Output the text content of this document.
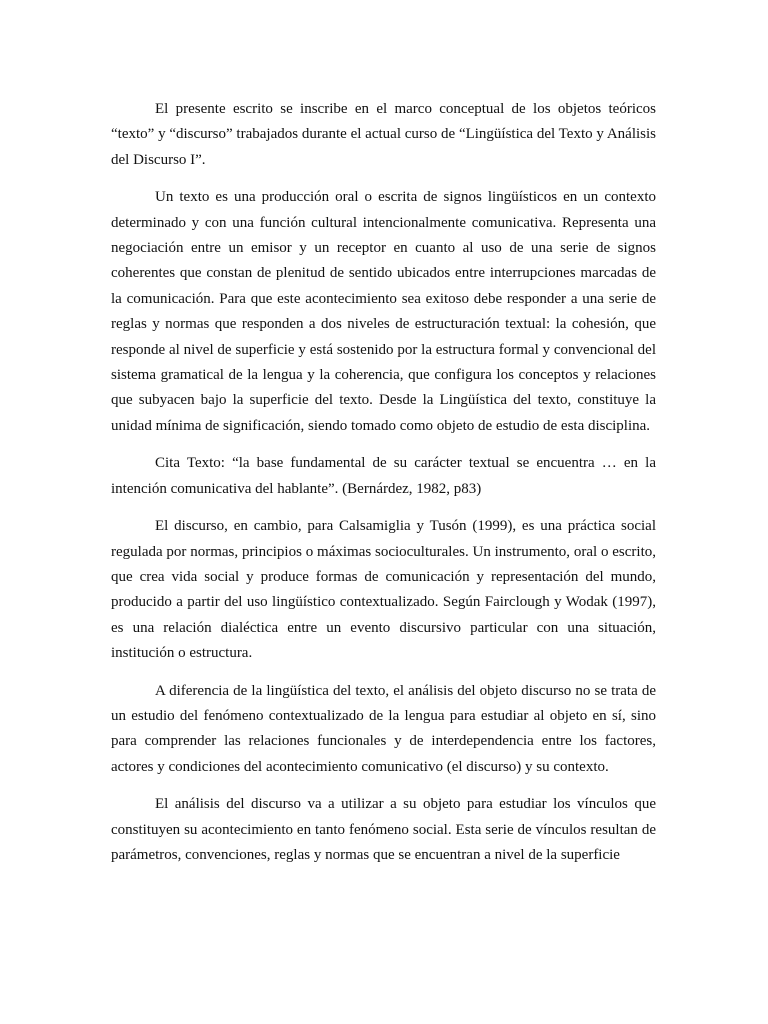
El presente escrito se inscribe en el marco conceptual de los objetos teóricos “texto” y “discurso” trabajados durante el actual curso de “Lingüística del Texto y Análisis del Discurso I”.

Un texto es una producción oral o escrita de signos lingüísticos en un contexto determinado y con una función cultural intencionalmente comunicativa. Representa una negociación entre un emisor y un receptor en cuanto al uso de una serie de signos coherentes que constan de plenitud de sentido ubicados entre interrupciones marcadas de la comunicación. Para que este acontecimiento sea exitoso debe responder a una serie de reglas y normas que responden a dos niveles de estructuración textual: la cohesión, que responde al nivel de superficie y está sostenido por la estructura formal y convencional del sistema gramatical de la lengua y la coherencia, que configura los conceptos y relaciones que subyacen bajo la superficie del texto. Desde la Lingüística del texto, constituye la unidad mínima de significación, siendo tomado como objeto de estudio de esta disciplina.

Cita Texto: “la base fundamental de su carácter textual se encuentra … en la intención comunicativa del hablante”. (Bernárdez, 1982, p83)

El discurso, en cambio, para Calsamiglia y Tusón (1999), es una práctica social regulada por normas, principios o máximas socioculturales. Un instrumento, oral o escrito, que crea vida social y produce formas de comunicación y representación del mundo, producido a partir del uso lingüístico contextualizado. Según Fairclough y Wodak (1997), es una relación dialéctica entre un evento discursivo particular con una situación, institución o estructura.

A diferencia de la lingüística del texto, el análisis del objeto discurso no se trata de un estudio del fenómeno contextualizado de la lengua para estudiar al objeto en sí, sino para comprender las relaciones funcionales y de interdependencia entre los factores, actores y condiciones del acontecimiento comunicativo (el discurso) y su contexto.

El análisis del discurso va a utilizar a su objeto para estudiar los vínculos que constituyen su acontecimiento en tanto fenómeno social. Esta serie de vínculos resultan de parámetros, convenciones, reglas y normas que se encuentran a nivel de la superficie
